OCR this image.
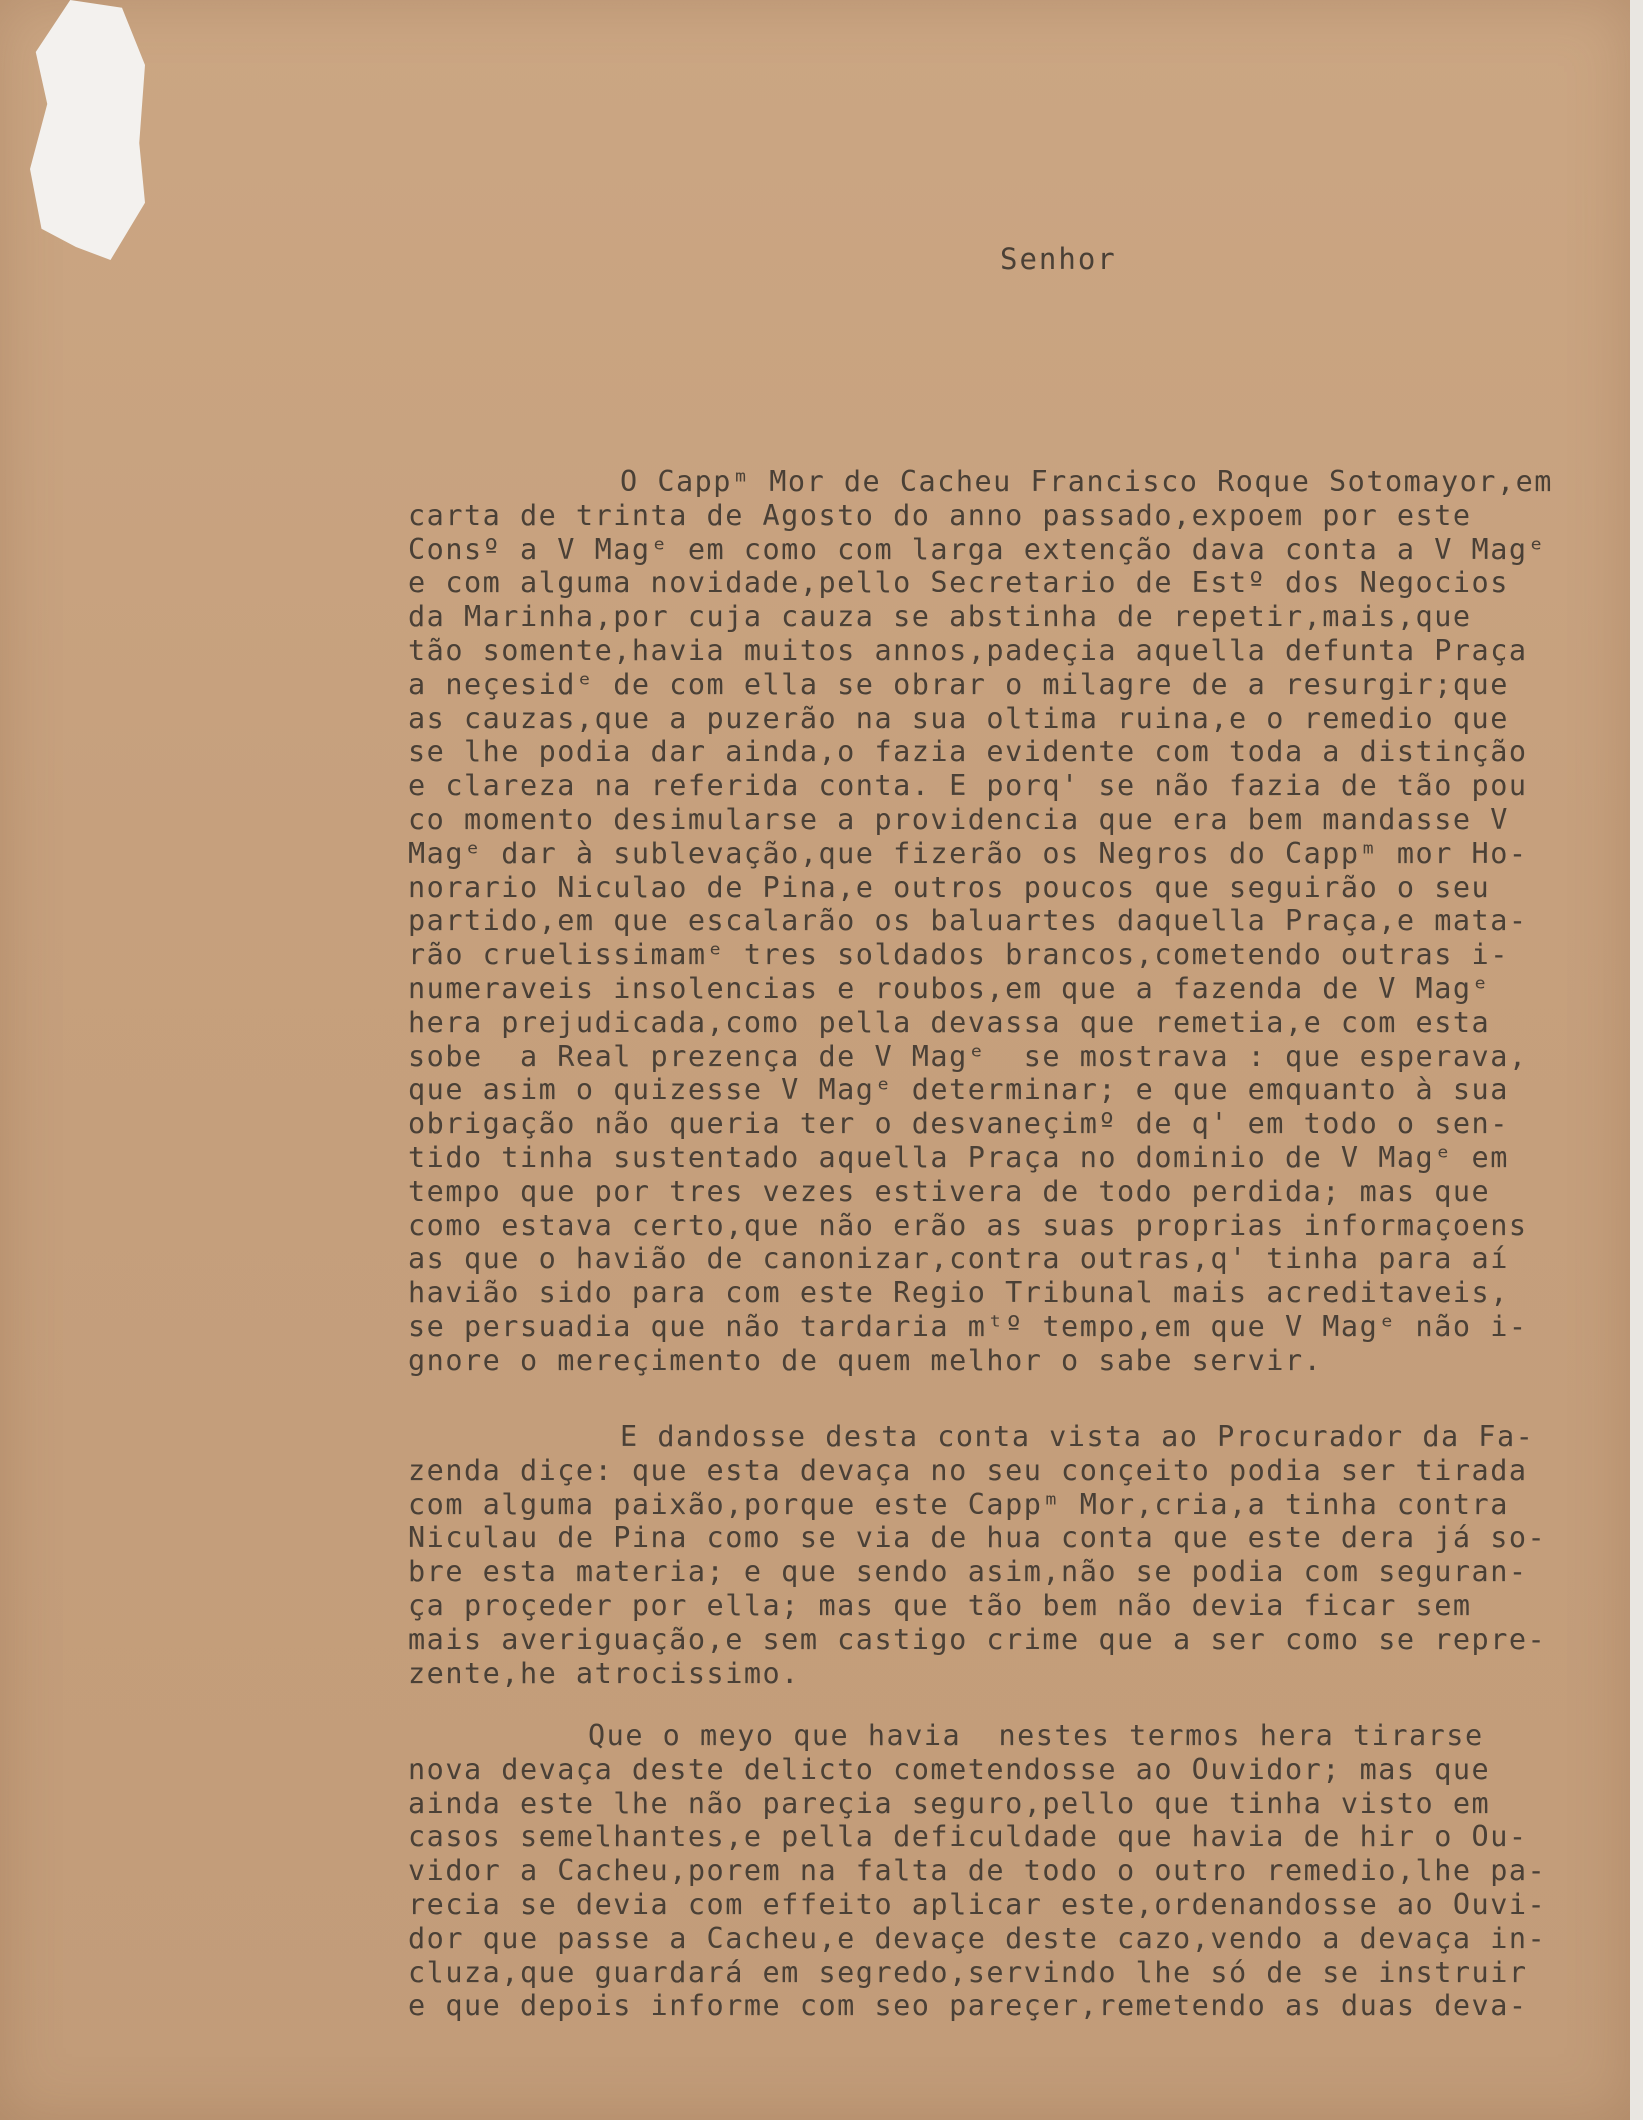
Senhor
O Cappᵐ Mor de Cacheu Francisco Roque Sotomayor,em
carta de trinta de Agosto do anno passado,expoem por este
Consº a V Magᵉ em como com larga extenção dava conta a V Magᵉ
e com alguma novidade,pello Secretario de Estº dos Negocios
da Marinha,por cuja cauza se abstinha de repetir,mais,que
tão somente,havia muitos annos,padeçia aquella defunta Praça
a neçesidᵉ de com ella se obrar o milagre de a resurgir;que
as cauzas,que a puzerão na sua oltima ruina,e o remedio que
se lhe podia dar ainda,o fazia evidente com toda a distinção
e clareza na referida conta. E porq' se não fazia de tão pou
co momento desimularse a providencia que era bem mandasse V
Magᵉ dar à sublevação,que fizerão os Negros do Cappᵐ mor Ho-
norario Niculao de Pina,e outros poucos que seguirão o seu
partido,em que escalarão os baluartes daquella Praça,e mata-
rão cruelissimamᵉ tres soldados brancos,cometendo outras i-
numeraveis insolencias e roubos,em que a fazenda de V Magᵉ
hera prejudicada,como pella devassa que remetia,e com esta
sobe  a Real prezença de V Magᵉ  se mostrava : que esperava,
que asim o quizesse V Magᵉ determinar; e que emquanto à sua
obrigação não queria ter o desvaneçimº de q' em todo o sen-
tido tinha sustentado aquella Praça no dominio de V Magᵉ em
tempo que por tres vezes estivera de todo perdida; mas que
como estava certo,que não erão as suas proprias informaçoens
as que o havião de canonizar,contra outras,q' tinha para aí
havião sido para com este Regio Tribunal mais acreditaveis,
se persuadia que não tardaria mᵗº tempo,em que V Magᵉ não i-
gnore o mereçimento de quem melhor o sabe servir.
E dandosse desta conta vista ao Procurador da Fa-
zenda diçe: que esta devaça no seu conçeito podia ser tirada
com alguma paixão,porque este Cappᵐ Mor,cria,a tinha contra
Niculau de Pina como se via de hua conta que este dera já so-
bre esta materia; e que sendo asim,não se podia com seguran-
ça proçeder por ella; mas que tão bem não devia ficar sem
mais averiguação,e sem castigo crime que a ser como se repre-
zente,he atrocissimo.
Que o meyo que havia  nestes termos hera tirarse
nova devaça deste delicto cometendosse ao Ouvidor; mas que
ainda este lhe não pareçia seguro,pello que tinha visto em
casos semelhantes,e pella deficuldade que havia de hir o Ou-
vidor a Cacheu,porem na falta de todo o outro remedio,lhe pa-
recia se devia com effeito aplicar este,ordenandosse ao Ouvi-
dor que passe a Cacheu,e devaçe deste cazo,vendo a devaça in-
cluza,que guardará em segredo,servindo lhe só de se instruir
e que depois informe com seo pareçer,remetendo as duas deva-
